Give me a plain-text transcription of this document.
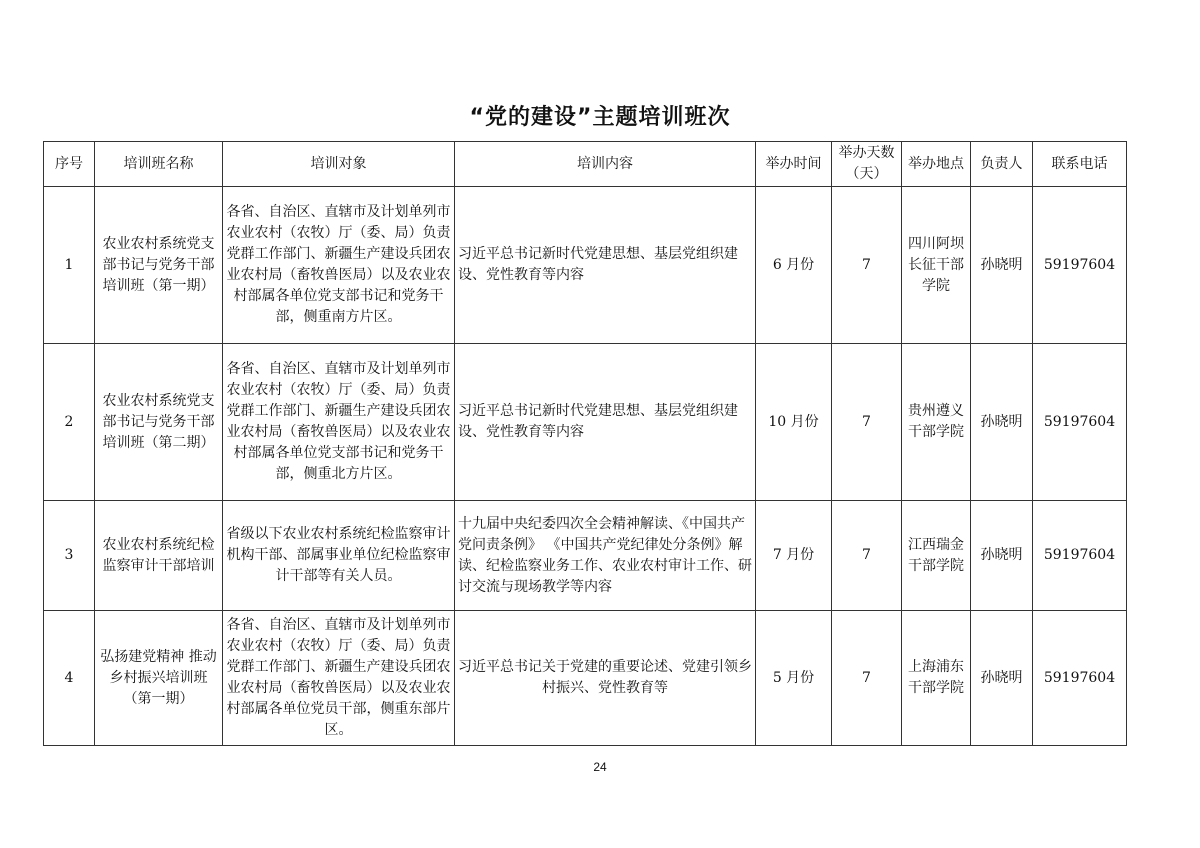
“党的建设”主题培训班次
序号	培训班名称	培训对象	培训内容	举办时间	举办天数（天）	举办地点	负责人	联系电话
1	农业农村系统党支部书记与党务干部培训班（第一期）	各省、自治区、直辖市及计划单列市农业农村（农牧）厅（委、局）负责党群工作部门、新疆生产建设兵团农业农村局（畜牧兽医局）以及农业农村部属各单位党支部书记和党务干部，侧重南方片区。	习近平总书记新时代党建思想、基层党组织建设、党性教育等内容	6 月份	7	四川阿坝长征干部学院	孙晓明	59197604
2	农业农村系统党支部书记与党务干部培训班（第二期）	各省、自治区、直辖市及计划单列市农业农村（农牧）厅（委、局）负责党群工作部门、新疆生产建设兵团农业农村局（畜牧兽医局）以及农业农村部属各单位党支部书记和党务干部，侧重北方片区。	习近平总书记新时代党建思想、基层党组织建设、党性教育等内容	10 月份	7	贵州遵义干部学院	孙晓明	59197604
3	农业农村系统纪检监察审计干部培训	省级以下农业农村系统纪检监察审计机构干部、部属事业单位纪检监察审计干部等有关人员。	十九届中央纪委四次全会精神解读、《中国共产党问责条例》 《中国共产党纪律处分条例》解读、纪检监察业务工作、农业农村审计工作、研讨交流与现场教学等内容	7 月份	7	江西瑞金干部学院	孙晓明	59197604
4	弘扬建党精神 推动乡村振兴培训班（第一期）	各省、自治区、直辖市及计划单列市农业农村（农牧）厅（委、局）负责党群工作部门、新疆生产建设兵团农业农村局（畜牧兽医局）以及农业农村部属各单位党员干部，侧重东部片区。	习近平总书记关于党建的重要论述、党建引领乡村振兴、党性教育等	5 月份	7	上海浦东干部学院	孙晓明	59197604
24
